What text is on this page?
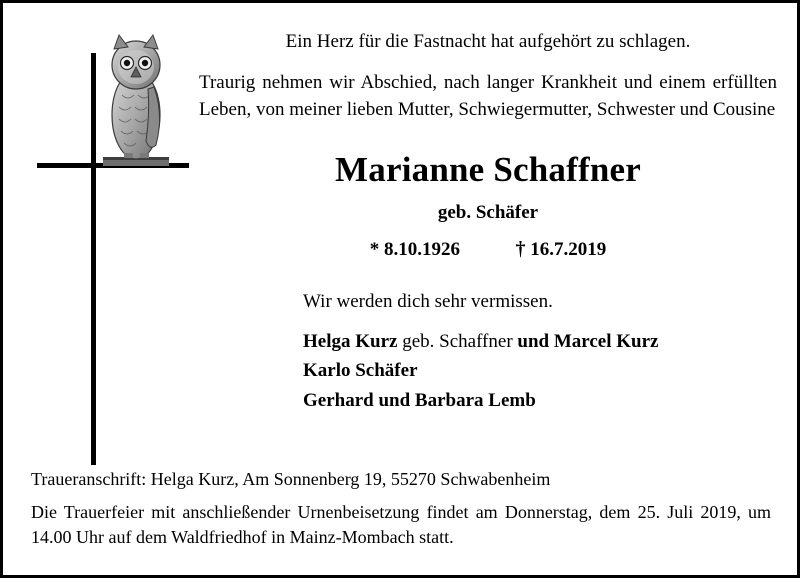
Ein Herz für die Fastnacht hat aufgehört zu schlagen.

Traurig nehmen wir Abschied, nach langer Krankheit und einem erfüllten Leben, von meiner lieben Mutter, Schwiegermutter, Schwester und Cousine

Marianne Schaffner

geb. Schäfer

* 8.10.1926	† 16.7.2019

Wir werden dich sehr vermissen.

Helga Kurz geb. Schaffner und Marcel Kurz

Karlo Schäfer

Gerhard und Barbara Lemb

Traueranschrift: Helga Kurz, Am Sonnenberg 19, 55270 Schwabenheim

Die Trauerfeier mit anschließender Urnenbeisetzung findet am Donnerstag, dem 25. Juli 2019, um 14.00 Uhr auf dem Waldfriedhof in Mainz-Mombach statt.
